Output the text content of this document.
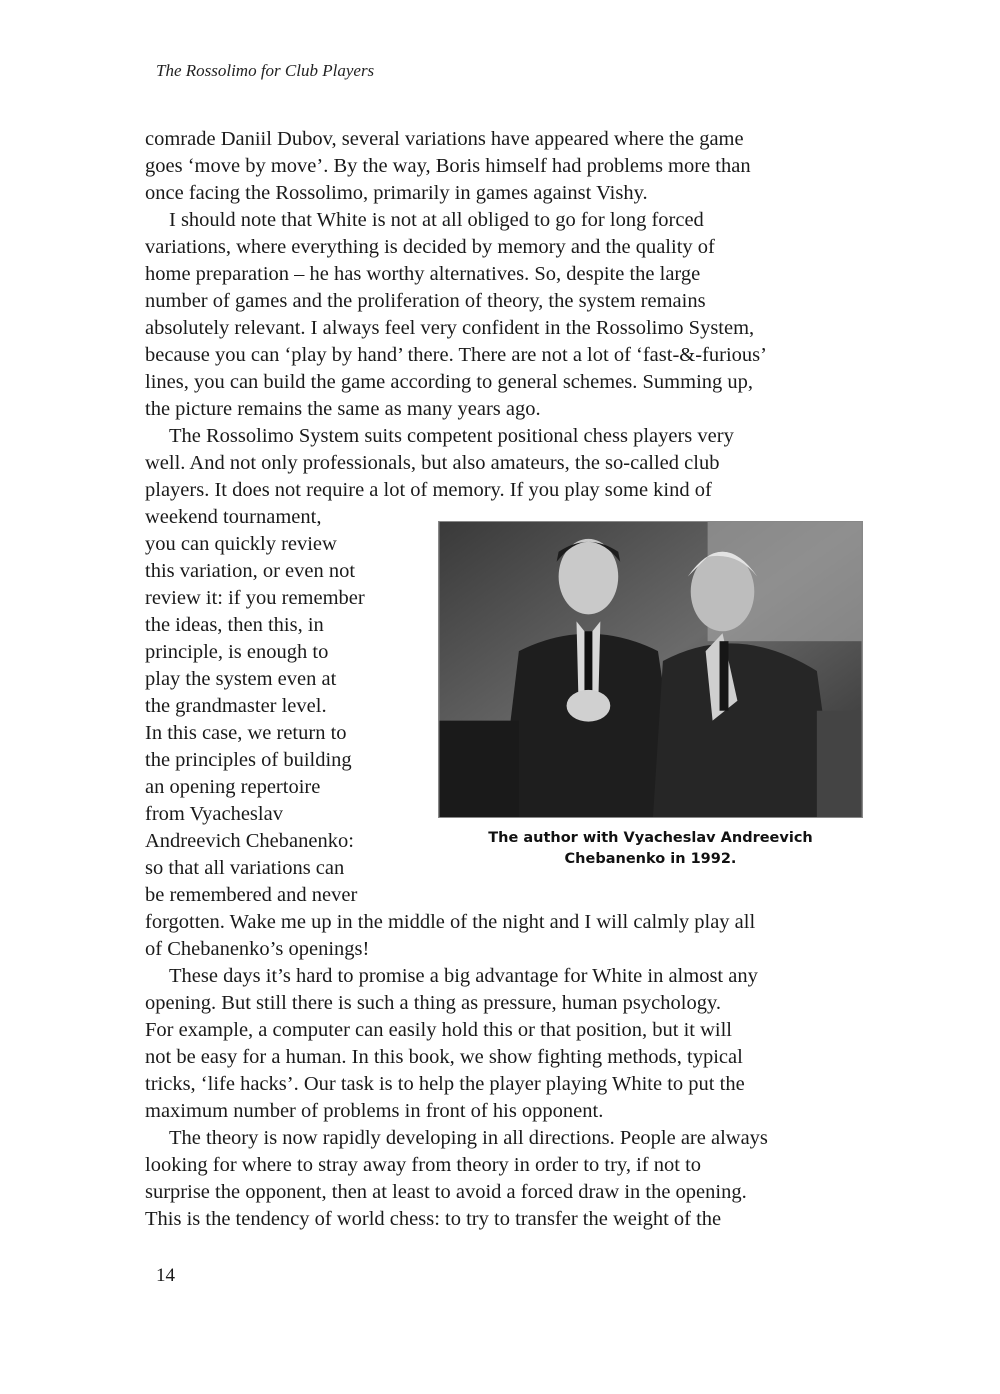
The Rossolimo for Club Players
comrade Daniil Dubov, several variations have appeared where the game
goes ‘move by move’. By the way, Boris himself had problems more than
once facing the Rossolimo, primarily in games against Vishy.
I should note that White is not at all obliged to go for long forced
variations, where everything is decided by memory and the quality of
home preparation – he has worthy alternatives. So, despite the large
number of games and the proliferation of theory, the system remains
absolutely relevant. I always feel very confident in the Rossolimo System,
because you can ‘play by hand’ there. There are not a lot of ‘fast-&-furious’
lines, you can build the game according to general schemes. Summing up,
the picture remains the same as many years ago.
The Rossolimo System suits competent positional chess players very
well. And not only professionals, but also amateurs, the so-called club
players. It does not require a lot of memory. If you play some kind of
weekend tournament,
you can quickly review
this variation, or even not
review it: if you remember
the ideas, then this, in
principle, is enough to
play the system even at
the grandmaster level.
In this case, we return to
the principles of building
an opening repertoire
from Vyacheslav
Andreevich Chebanenko:
so that all variations can
be remembered and never
The author with Vyacheslav Andreevich
Chebanenko in 1992.
forgotten. Wake me up in the middle of the night and I will calmly play all
of Chebanenko’s openings!
These days it’s hard to promise a big advantage for White in almost any
opening. But still there is such a thing as pressure, human psychology.
For example, a computer can easily hold this or that position, but it will
not be easy for a human. In this book, we show fighting methods, typical
tricks, ‘life hacks’. Our task is to help the player playing White to put the
maximum number of problems in front of his opponent.
The theory is now rapidly developing in all directions. People are always
looking for where to stray away from theory in order to try, if not to
surprise the opponent, then at least to avoid a forced draw in the opening.
This is the tendency of world chess: to try to transfer the weight of the
14
